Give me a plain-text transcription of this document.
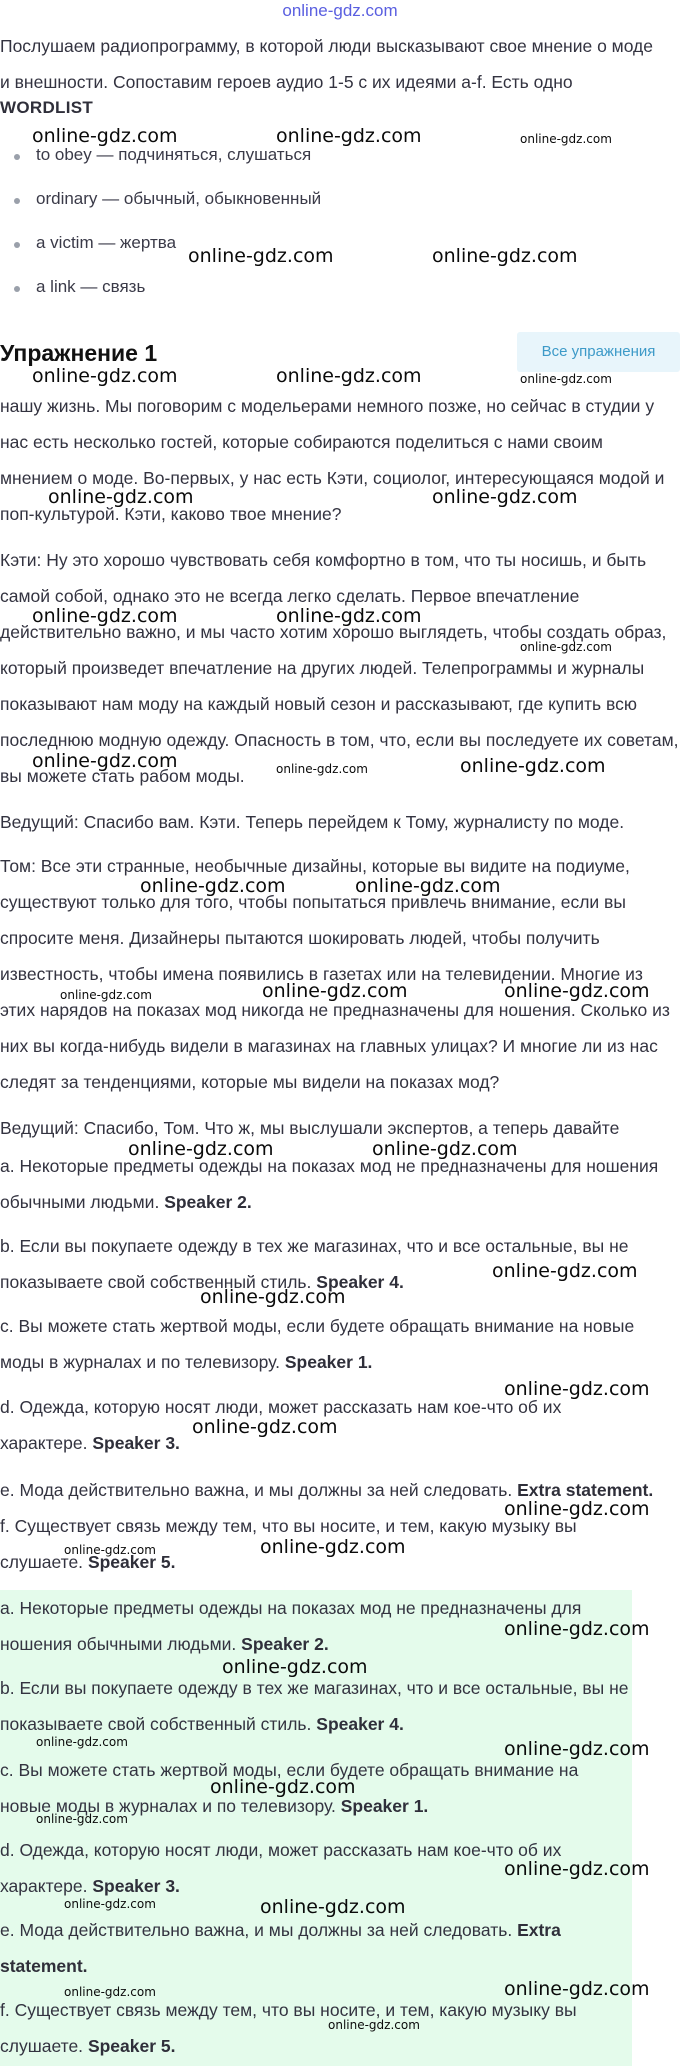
online-gdz.com

Послушаем радиопрограмму, в которой люди высказывают свое мнение о моде и внешности. Сопоставим героев аудио 1-5 с их идеями a-f. Есть одно

WORDLIST
to obey — подчиняться, слушаться
ordinary — обычный, обыкновенный
a victim — жертва
a link — связь
Упражнение 1	Все упражнения

нашу жизнь. Мы поговорим с модельерами немного позже, но сейчас в студии у нас есть несколько гостей, которые собираются поделиться с нами своим мнением о моде. Во-первых, у нас есть Кэти, социолог, интересующаяся модой и поп-культурой. Кэти, каково твое мнение?

Кэти: Ну это хорошо чувствовать себя комфортно в том, что ты носишь, и быть самой собой, однако это не всегда легко сделать. Первое впечатление действительно важно, и мы часто хотим хорошо выглядеть, чтобы создать образ, который произведет впечатление на других людей. Телепрограммы и журналы показывают нам моду на каждый новый сезон и рассказывают, где купить всю последнюю модную одежду. Опасность в том, что, если вы последуете их советам, вы можете стать рабом моды.

Ведущий: Спасибо вам. Кэти. Теперь перейдем к Тому, журналисту по моде.

Том: Все эти странные, необычные дизайны, которые вы видите на подиуме, существуют только для того, чтобы попытаться привлечь внимание, если вы спросите меня. Дизайнеры пытаются шокировать людей, чтобы получить известность, чтобы имена появились в газетах или на телевидении. Многие из этих нарядов на показах мод никогда не предназначены для ношения. Сколько из них вы когда-нибудь видели в магазинах на главных улицах? И многие ли из нас следят за тенденциями, которые мы видели на показах мод?

Ведущий: Спасибо, Том. Что ж, мы выслушали экспертов, а теперь давайте

a. Некоторые предметы одежды на показах мод не предназначены для ношения обычными людьми. Speaker 2.

b. Если вы покупаете одежду в тех же магазинах, что и все остальные, вы не показываете свой собственный стиль. Speaker 4.

c. Вы можете стать жертвой моды, если будете обращать внимание на новые моды в журналах и по телевизору. Speaker 1.

d. Одежда, которую носят люди, может рассказать нам кое-что об их характере. Speaker 3.

e. Мода действительно важна, и мы должны за ней следовать. Extra statement.

f. Существует связь между тем, что вы носите, и тем, какую музыку вы слушаете. Speaker 5.

a. Некоторые предметы одежды на показах мод не предназначены для ношения обычными людьми. Speaker 2.

b. Если вы покупаете одежду в тех же магазинах, что и все остальные, вы не показываете свой собственный стиль. Speaker 4.

c. Вы можете стать жертвой моды, если будете обращать внимание на новые моды в журналах и по телевизору. Speaker 1.

d. Одежда, которую носят люди, может рассказать нам кое-что об их характере. Speaker 3.

e. Мода действительно важна, и мы должны за ней следовать. Extra statement.

f. Существует связь между тем, что вы носите, и тем, какую музыку вы слушаете. Speaker 5.

online-gdz.com	online-gdz.com	online-gdz.com
online-gdz.com	online-gdz.com
online-gdz.com	online-gdz.com	online-gdz.com
online-gdz.com	online-gdz.com
online-gdz.com	online-gdz.com
online-gdz.com
online-gdz.com	online-gdz.com	online-gdz.com
online-gdz.com	online-gdz.com
online-gdz.com	online-gdz.com	online-gdz.com
online-gdz.com	online-gdz.com
online-gdz.com
online-gdz.com
online-gdz.com
online-gdz.com
online-gdz.com
online-gdz.com	online-gdz.com
online-gdz.com
online-gdz.com
online-gdz.com	online-gdz.com
online-gdz.com
online-gdz.com
online-gdz.com
online-gdz.com	online-gdz.com
online-gdz.com	online-gdz.com
online-gdz.com
